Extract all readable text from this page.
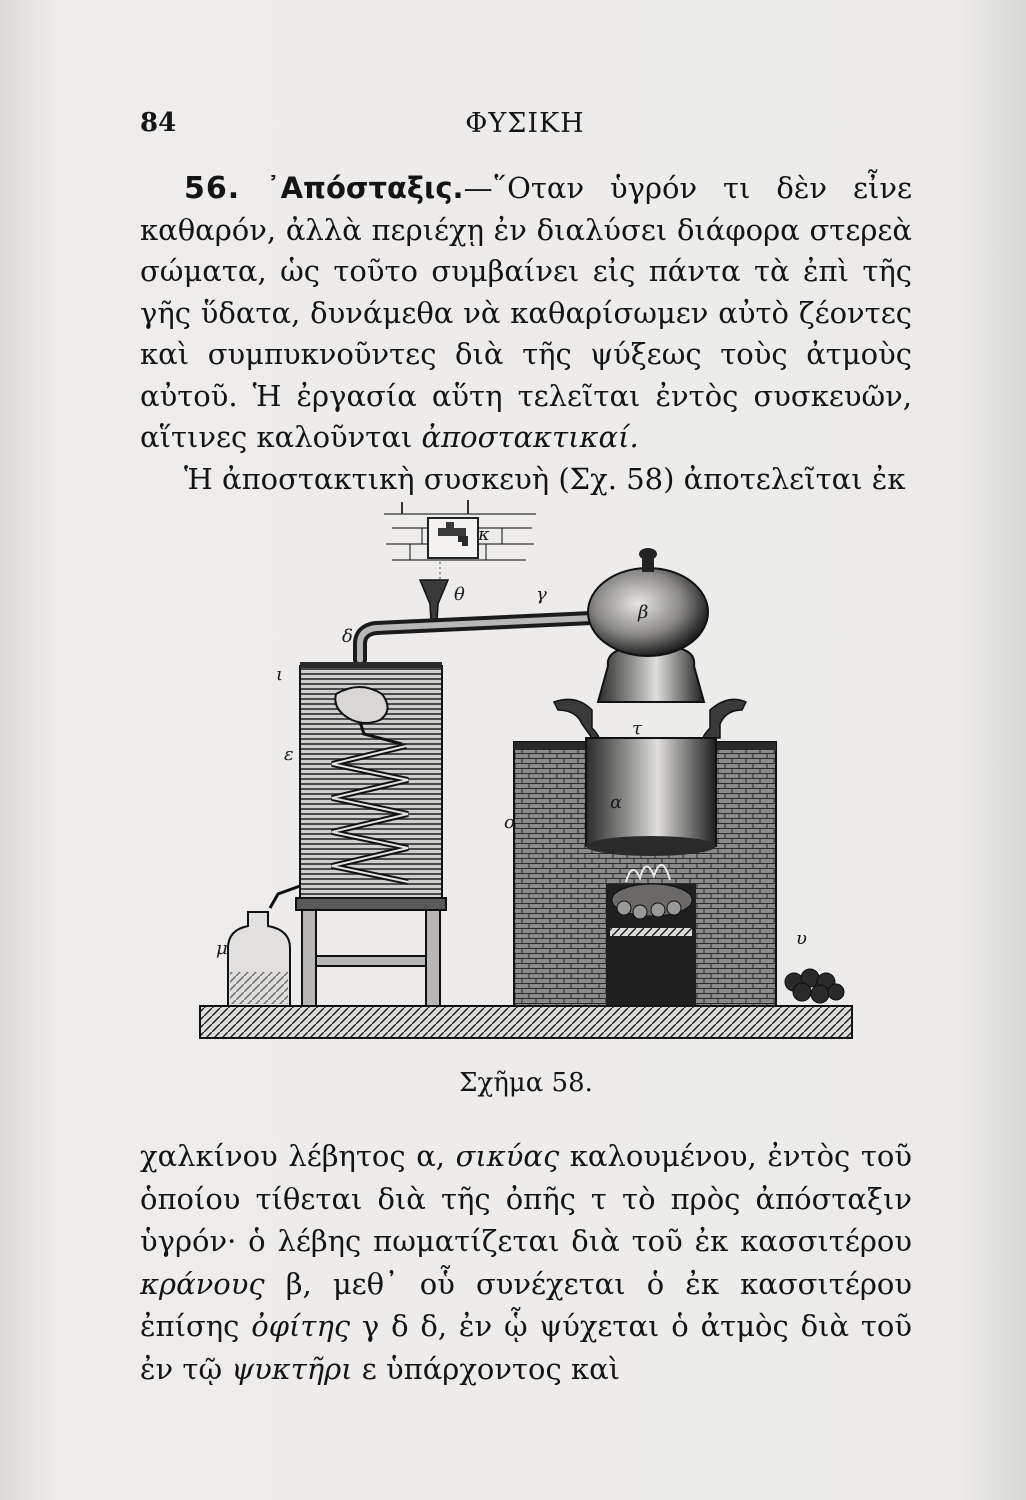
84	ΦΥΣΙΚΗ

56. ᾿Απόσταξις.—῞Οταν ὑγρόν τι δὲν εἶνε καθαρόν, ἀλλὰ περιέχῃ ἐν διαλύσει διάφορα στερεὰ σώματα, ὡς τοῦτο συμβαίνει εἰς πάντα τὰ ἐπὶ τῆς γῆς ὕδατα, δυνάμεθα νὰ καθαρίσωμεν αὐτὸ ζέοντες καὶ συμπυκνοῦντες διὰ τῆς ψύξεως τοὺς ἀτμοὺς αὐτοῦ. Ἡ ἐργασία αὕτη τελεῖται ἐντὸς συσκευῶν, αἵτινες καλοῦνται ἀποστακτικαί.

Ἡ ἀποστακτικὴ συσκευὴ (Σχ. 58) ἀποτελεῖται ἐκ

κ
θ	γ
δ
ι
ε
μ
ο
α
τ
β
υ
Σχῆμα 58.

χαλκίνου λέβητος α, σικύας καλουμένου, ἐντὸς τοῦ ὁποίου τίθεται διὰ τῆς ὀπῆς τ τὸ πρὸς ἀπόσταξιν ὑγρόν· ὁ λέβης πωματίζεται διὰ τοῦ ἐκ κασσιτέρου κράνους β, μεθ᾿ οὗ συνέχεται ὁ ἐκ κασσιτέρου ἐπίσης ὀφίτης γ δ δ, ἐν ᾧ ψύχεται ὁ ἀτμὸς διὰ τοῦ ἐν τῷ ψυκτῆρι ε ὑπάρχοντος καὶ
